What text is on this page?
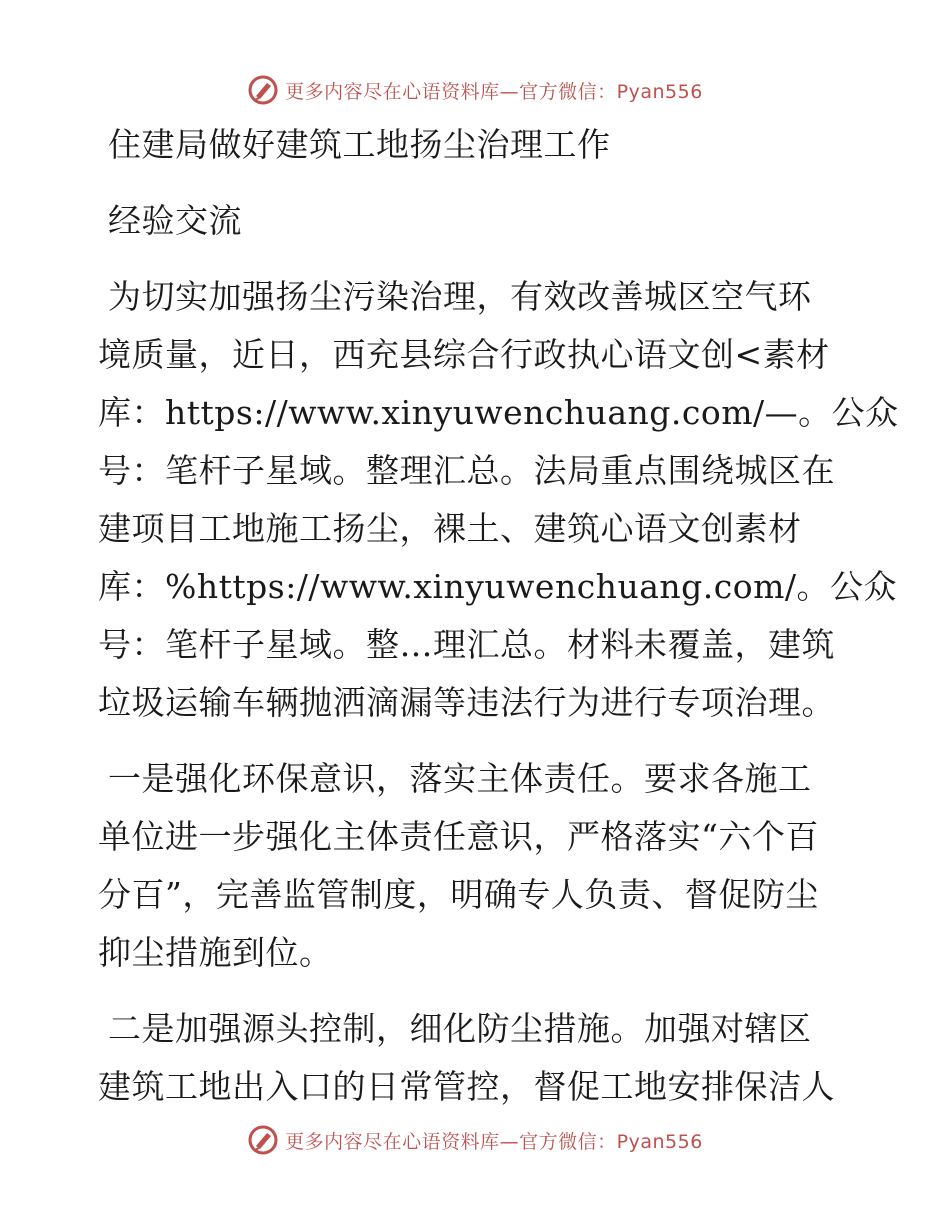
更多内容尽在心语资料库—官方微信：Pyan556
住建局做好建筑工地扬尘治理工作
经验交流
为切实加强扬尘污染治理，有效改善城区空气环
境质量，近日，西充县综合行政执心语文创<素材
库：https://www.xinyuwenchuang.com/—。公众
号：笔杆子星域。整理汇总。法局重点围绕城区在
建项目工地施工扬尘，裸土、建筑心语文创素材
库：%https://www.xinyuwenchuang.com/。公众
号：笔杆子星域。整…理汇总。材料未覆盖，建筑
垃圾运输车辆抛洒滴漏等违法行为进行专项治理。
一是强化环保意识，落实主体责任。要求各施工
单位进一步强化主体责任意识，严格落实“六个百
分百”，完善监管制度，明确专人负责、督促防尘
抑尘措施到位。
二是加强源头控制，细化防尘措施。加强对辖区
建筑工地出入口的日常管控，督促工地安排保洁人
更多内容尽在心语资料库—官方微信：Pyan556
